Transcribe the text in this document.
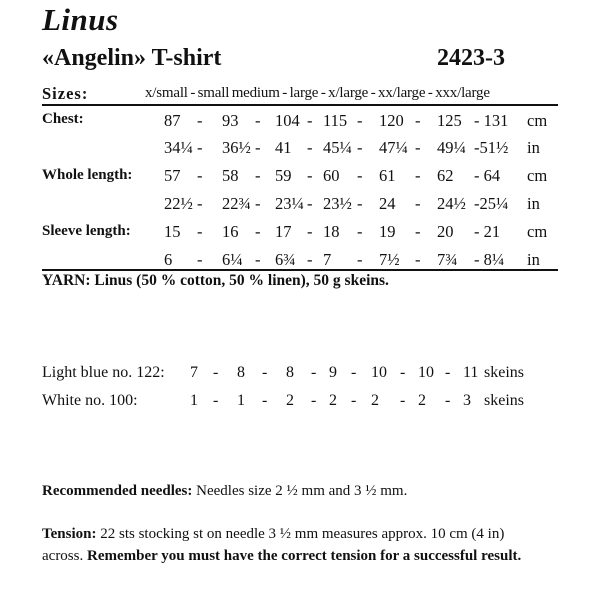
Linus
«Angelin» T-shirt	2423-3
Sizes:	x/small - small medium - large - x/large - xx/large - xxx/large
Chest:	87 - 93 - 104 - 115 - 120 - 125 - 131 cm
34¼ - 36½ - 41 - 45¼ - 47¼ - 49¼ -51½ in
Whole length: 57 - 58 - 59 - 60 - 61 - 62 - 64 cm
22½ - 22¾ - 23¼ - 23½ - 24 - 24½ -25¼ in
Sleeve length: 15 - 16 - 17 - 18 - 19 - 20 - 21 cm
6 - 6¼ - 6¾ - 7 - 7½ - 7¾ - 8¼ in
YARN: Linus (50 % cotton, 50 % linen), 50 g skeins.
Light blue no. 122: 7 - 8 - 8 - 9 - 10 - 10 - 11 skeins
White no. 100:	1 - 1 - 2 - 2 - 2 - 2 - 3 skeins
Recommended needles: Needles size 2 ½ mm and 3 ½ mm.
Tension: 22 sts stocking st on needle 3 ½ mm measures approx. 10 cm (4 in) across. Remember you must have the correct tension for a successful result.
